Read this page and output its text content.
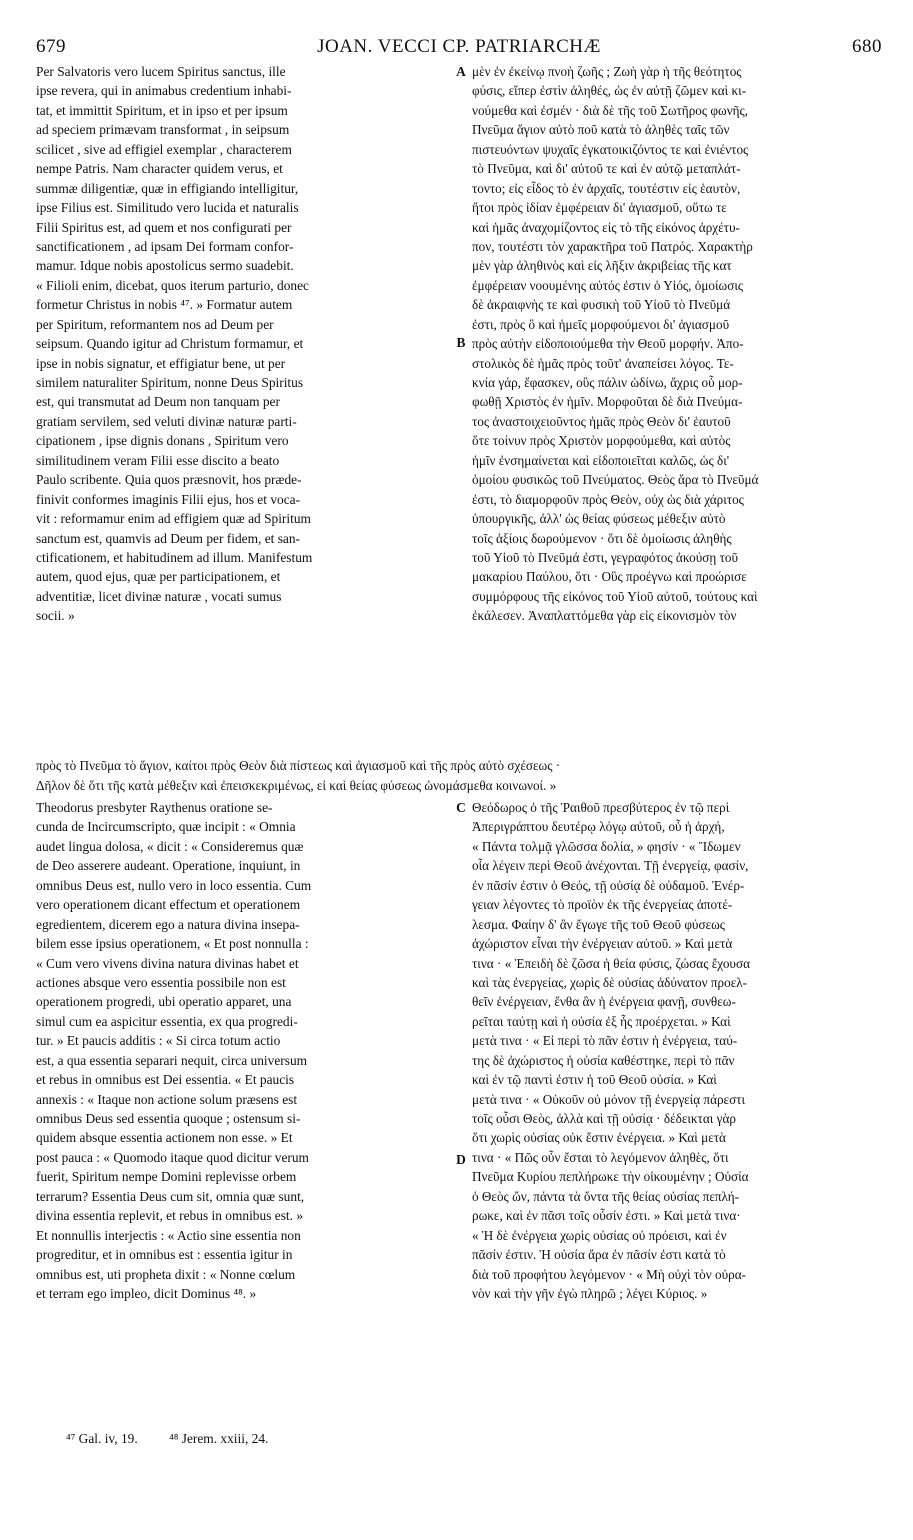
679	JOAN. VECCI CP. PATRIARCHÆ	680
Per Salvatoris vero lucem Spiritus sanctus, ille
ipse revera, qui in animabus credentium inhabi-
tat, et immittit Spiritum, et in ipso et per ipsum
ad speciem primævam transformat , in seipsum
scilicet , sive ad effigiel exemplar , characterem
nempe Patris. Nam character quidem verus, et
summæ diligentiæ, quæ in effigiando intelligitur,
ipse Filius est. Similitudo vero lucida et naturalis
Filii Spiritus est, ad quem et nos configurati per
sanctificationem , ad ipsam Dei formam confor-
mamur. Idque nobis apostolicus sermo suadebit.
« Filioli enim, dicebat, quos iterum parturio, donec
formetur Christus in nobis ⁴⁷. » Formatur autem
per Spiritum, reformantem nos ad Deum per
seipsum. Quando igitur ad Christum formamur, et
ipse in nobis signatur, et effigiatur bene, ut per
similem naturaliter Spiritum, nonne Deus Spiritus
est, qui transmutat ad Deum non tanquam per
gratiam servilem, sed veluti divinæ naturæ parti-
cipationem , ipse dignis donans , Spiritum vero
similitudinem veram Filii esse discito a beato
Paulo scribente. Quia quos præsnovit, hos præde-
finivit conformes imaginis Filii ejus, hos et voca-
vit : reformamur enim ad effigiem quæ ad Spiritum
sanctum est, quamvis ad Deum per fidem, et san-
ctificationem, et habitudinem ad illum. Manifestum
autem, quod ejus, quæ per participationem, et
adventitiæ, licet divinæ naturæ , vocati sumus
socii. »
μὲν ἐν ἐκείνῳ πνοὴ ζωῆς ; Ζωὴ γὰρ ἡ τῆς θεότητος
φύσις, εἴπερ ἐστὶν ἀληθές, ὡς ἐν αὐτῇ ζῶμεν καὶ κι-
νούμεθα καὶ ἐσμέν · διὰ δὲ τῆς τοῦ Σωτῆρος φωνῆς,
Πνεῦμα ἅγιον αὐτὸ ποῦ κατὰ τὸ ἀληθὲς ταῖς τῶν
πιστευόντων ψυχαῖς ἐγκατοικιζόντος τε καὶ ἐνιέντος
τὸ Πνεῦμα, καὶ δι' αὐτοῦ τε καὶ ἐν αὐτῷ μεταπλάτ-
τοντο; εἰς εἶδος τὸ ἐν ἀρχαῖς, τουτέστιν εἰς ἑαυτὸν,
ἤτοι πρὸς ἰδίαν ἐμφέρειαν δι' ἁγιασμοῦ, οὕτω τε
καὶ ἡμᾶς ἀναχομίζοντος εἰς τὸ τῆς εἰκόνος ἀρχέτυ-
πον, τουτέστι τὸν χαρακτῆρα τοῦ Πατρός. Χαρακτὴρ
μὲν γὰρ ἀληθινὸς καὶ εἰς λῆξιν ἀκριβείας τῆς κατ
ἐμφέρειαν νοουμένης αὐτός ἐστιν ὁ Υἱός, ὁμοίωσις
δὲ ἀκραιφνὴς τε καὶ φυσικὴ τοῦ Υἱοῦ τὸ Πνεῦμά
ἐστι, πρὸς ὃ καὶ ἡμεῖς μορφούμενοι δι' ἁγιασμοῦ
πρὸς αὐτὴν εἰδοποιούμεθα τὴν Θεοῦ μορφήν. Ἀπο-
στολικὸς δὲ ἡμᾶς πρὸς τοῦτ' ἀναπείσει λόγος. Τε-
κνία γάρ, ἔφασκεν, οὓς πάλιν ὠδίνω, ἄχρις οὗ μορ-
φωθῇ Χριστὸς ἐν ἡμῖν. Μορφοῦται δὲ διὰ Πνεύμα-
τος ἀναστοιχειοῦντος ἡμᾶς πρὸς Θεὸν δι' ἑαυτοῦ
ὅτε τοίνυν πρὸς Χριστὸν μορφούμεθα, καὶ αὐτὸς
ἡμῖν ἐνσημαίνεται καὶ εἰδοποιεῖται καλῶς, ὡς δι'
ὁμοίου φυσικῶς τοῦ Πνεύματος. Θεὸς ἄρα τὸ Πνεῦμά
ἐστι, τὸ διαμορφοῦν πρὸς Θεὸν, οὐχ ὡς διὰ χάριτος
ὑπουργικῆς, ἀλλ' ὡς θείας φύσεως μέθεξιν αὐτὸ
τοῖς ἀξίοις δωρούμενον · ὅτι δὲ ὁμοίωσις ἀληθὴς
τοῦ Υἱοῦ τὸ Πνεῦμά ἐστι, γεγραφότος ἀκούσῃ τοῦ
μακαρίου Παύλου, ὅτι · Οὓς προέγνω καὶ προώρισε
συμμόρφους τῆς εἰκόνος τοῦ Υἱοῦ αὐτοῦ, τούτους καὶ
ἐκάλεσεν. Ἀναπλαττόμεθα γὰρ εἰς εἰκονισμὸν τὸν
A
B
C
D
πρὸς τὸ Πνεῦμα τὸ ἅγιον, καίτοι πρὸς Θεὸν διὰ πίστεως καὶ ἁγιασμοῦ καὶ τῆς πρὸς αὐτὸ σχέσεως ·
Δῆλον δὲ ὅτι τῆς κατὰ μέθεξιν καὶ ἐπεισκεκριμένως, εἰ καὶ θείας φύσεως ὠνομάσμεθα κοινωνοί. »
Theodorus presbyter Raythenus oratione se-
cunda de Incircumscripto, quæ incipit : « Omnia
audet lingua dolosa, « dicit : « Consideremus quæ
de Deo asserere audeant. Operatione, inquiunt, in
omnibus Deus est, nullo vero in loco essentia. Cum
vero operationem dicant effectum et operationem
egredientem, dicerem ego a natura divina insepa-
bilem esse ipsius operationem, « Et post nonnulla :
« Cum vero vivens divina natura divinas habet et
actiones absque vero essentia possibile non est
operationem progredi, ubi operatio apparet, una
simul cum ea aspicitur essentia, ex qua progredi-
tur. » Et paucis additis : « Si circa totum actio
est, a qua essentia separari nequit, circa universum
et rebus in omnibus est Dei essentia. « Et paucis
annexis : « Itaque non actione solum præsens est
omnibus Deus sed essentia quoque ; ostensum si-
quidem absque essentia actionem non esse. » Et
post pauca : « Quomodo itaque quod dicitur verum
fuerit, Spiritum nempe Domini replevisse orbem
terrarum? Essentia Deus cum sit, omnia quæ sunt,
divina essentia replevit, et rebus in omnibus est. »
Et nonnullis interjectis : « Actio sine essentia non
progreditur, et in omnibus est : essentia igitur in
omnibus est, uti propheta dixit : « Nonne cœlum
et terram ego impleo, dicit Dominus ⁴⁸. »
Θεόδωρος ὁ τῆς Ῥαιθοῦ πρεσβύτερος ἐν τῷ περὶ
Ἀπεριγράπτου δευτέρῳ λόγῳ αὐτοῦ, οὗ ἡ ἀρχή,
« Πάντα τολμᾷ γλῶσσα δολία, » φησίν · « Ἴδωμεν
οἷα λέγειν περὶ Θεοῦ ἀνέχονται. Τῇ ἐνεργείᾳ, φασίν,
ἐν πᾶσίν ἐστιν ὁ Θεός, τῇ οὐσίᾳ δὲ οὐδαμοῦ. Ἐνέρ-
γειαν λέγοντες τὸ προϊὸν ἐκ τῆς ἐνεργείας ἀποτέ-
λεσμα. Φαίην δ' ἂν ἔγωγε τῆς τοῦ Θεοῦ φύσεως
ἀχώριστον εἶναι τὴν ἐνέργειαν αὐτοῦ. » Καὶ μετὰ
τινα · « Ἐπειδὴ δὲ ζῶσα ἡ θεία φύσις, ζώσας ἔχουσα
καὶ τὰς ἐνεργείας, χωρὶς δὲ οὐσίας ἀδύνατον προελ-
θεῖν ἐνέργειαν, ἔνθα ἂν ἡ ἐνέργεια φανῇ, συνθεω-
ρεῖται ταύτῃ καὶ ἡ οὐσία ἐξ ἧς προέρχεται. » Καὶ
μετὰ τινα · « Εἰ περὶ τὸ πᾶν ἐστιν ἡ ἐνέργεια, ταύ-
της δὲ ἀχώριστος ἡ οὐσία καθέστηκε, περὶ τὸ πᾶν
καὶ ἐν τῷ παντὶ ἐστιν ἡ τοῦ Θεοῦ οὐσία. » Καὶ
μετὰ τινα · « Οὐκοῦν οὐ μόνον τῇ ἐνεργείᾳ πάρεστι
τοῖς οὖσι Θεὸς, ἀλλὰ καὶ τῇ οὐσίᾳ · δέδεικται γὰρ
ὅτι χωρὶς οὐσίας οὐκ ἔστιν ἐνέργεια. » Καὶ μετὰ
τινα · « Πῶς οὖν ἔσται τὸ λεγόμενον ἀληθὲς, ὅτι
Πνεῦμα Κυρίου πεπλήρωκε τὴν οἰκουμένην ; Οὐσία
ὁ Θεὸς ὤν, πάντα τὰ ὄντα τῆς θείας οὐσίας πεπλή-
ρωκε, καὶ ἐν πᾶσι τοῖς οὖσίν ἐστι. » Καὶ μετὰ τινα·
« Ἡ δὲ ἐνέργεια χωρὶς οὐσίας οὐ πρόεισι, καὶ ἐν
πᾶσίν ἐστιν. Ἡ οὐσία ἄρα ἐν πᾶσίν ἐστι κατὰ τὸ
διὰ τοῦ προφήτου λεγόμενον · « Μὴ οὐχὶ τὸν οὐρα-
νὸν καὶ τὴν γῆν ἐγὼ πληρῶ ; λέγει Κύριος. »
⁴⁷ Gal. iv, 19. ⁴⁸ Jerem. xxiii, 24.
